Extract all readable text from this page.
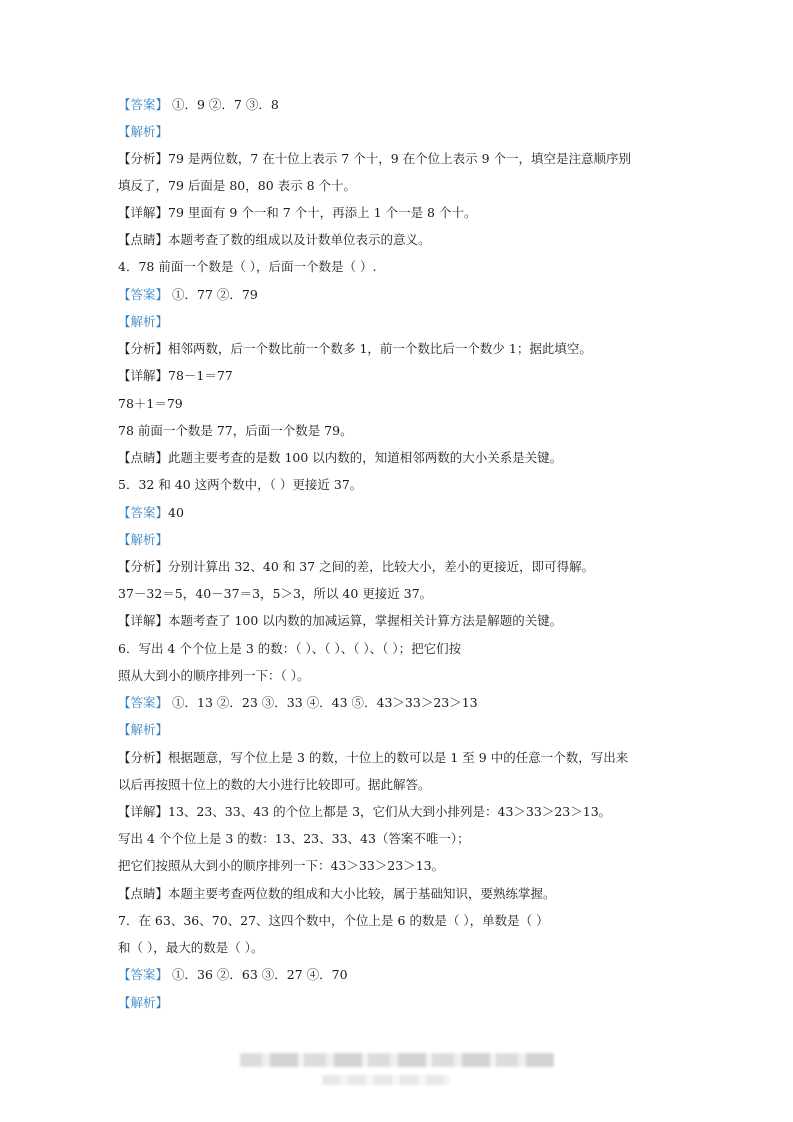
【答案】 ①．9 ②．7 ③．8
【解析】
【分析】79 是两位数，7 在十位上表示 7 个十，9 在个位上表示 9 个一，填空是注意顺序别
填反了，79 后面是 80，80 表示 8 个十。
【详解】79 里面有 9 个一和 7 个十，再添上 1 个一是 8 个十。
【点睛】本题考查了数的组成以及计数单位表示的意义。
4．78 前面一个数是（ ），后面一个数是（ ）.
【答案】 ①．77 ②．79
【解析】
【分析】相邻两数，后一个数比前一个数多 1，前一个数比后一个数少 1；据此填空。
【详解】78－1＝77
78＋1＝79
78 前面一个数是 77，后面一个数是 79。
【点睛】此题主要考查的是数 100 以内数的，知道相邻两数的大小关系是关键。
5．32 和 40 这两个数中，（ ）更接近 37。
【答案】40
【解析】
【分析】分别计算出 32、40 和 37 之间的差，比较大小，差小的更接近，即可得解。
37－32＝5，40－37＝3，5＞3，所以 40 更接近 37。
【详解】本题考查了 100 以内数的加减运算，掌握相关计算方法是解题的关键。
6．写出 4 个个位上是 3 的数：（ ）、（ ）、（ ）、（ ）；把它们按
照从大到小的顺序排列一下：（ ）。
【答案】 ①．13 ②．23 ③．33 ④．43 ⑤．43＞33＞23＞13
【解析】
【分析】根据题意，写个位上是 3 的数，十位上的数可以是 1 至 9 中的任意一个数，写出来
以后再按照十位上的数的大小进行比较即可。据此解答。
【详解】13、23、33、43 的个位上都是 3，它们从大到小排列是：43＞33＞23＞13。
写出 4 个个位上是 3 的数：13、23、33、43（答案不唯一）；
把它们按照从大到小的顺序排列一下：43＞33＞23＞13。
【点睛】本题主要考查两位数的组成和大小比较，属于基础知识，要熟练掌握。
7．在 63、36、70、27、这四个数中，个位上是 6 的数是（ ），单数是（ ）
和（ ），最大的数是（ ）。
【答案】 ①．36 ②．63 ③．27 ④．70
【解析】
